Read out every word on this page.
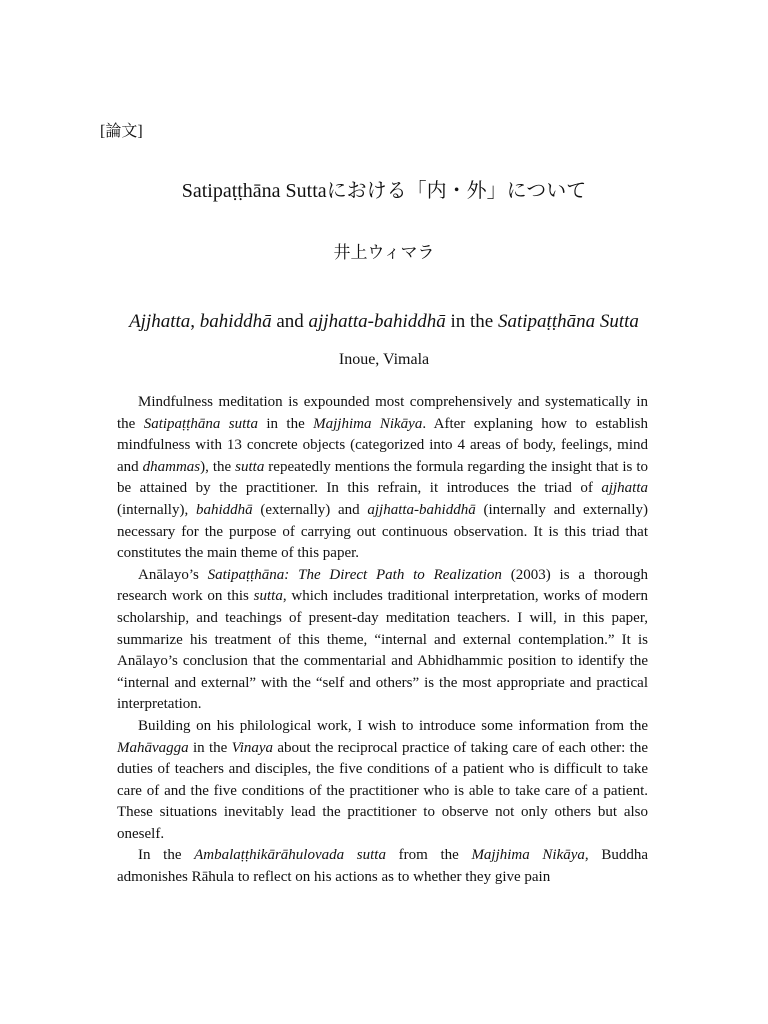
[論文]
Satipaṭṭhāna Suttaにおける「内・外」について
井上ウィマラ
Ajjhatta, bahiddhā and ajjhatta-bahiddhā in the Satipaṭṭhāna Sutta
Inoue, Vimala

Mindfulness meditation is expounded most comprehensively and systematically in the Satipaṭṭhāna sutta in the Majjhima Nikāya. After explaning how to establish mindfulness with 13 concrete objects (categorized into 4 areas of body, feelings, mind and dhammas), the sutta repeatedly mentions the formula regarding the insight that is to be attained by the practitioner. In this refrain, it introduces the triad of ajjhatta (internally), bahiddhā (externally) and ajjhatta-bahiddhā (internally and externally) necessary for the purpose of carrying out continuous observation. It is this triad that constitutes the main theme of this paper.

Anālayo’s Satipaṭṭhāna: The Direct Path to Realization (2003) is a thorough research work on this sutta, which includes traditional interpretation, works of modern scholarship, and teachings of present-day meditation teachers. I will, in this paper, summarize his treatment of this theme, “internal and external contemplation.” It is Anālayo’s conclusion that the commentarial and Abhidhammic position to identify the “internal and external” with the “self and others” is the most appropriate and practical interpretation.

Building on his philological work, I wish to introduce some information from the Mahāvagga in the Vinaya about the reciprocal practice of taking care of each other: the duties of teachers and disciples, the five conditions of a patient who is difficult to take care of and the five conditions of the practitioner who is able to take care of a patient. These situations inevitably lead the practitioner to observe not only others but also oneself.

In the Ambalaṭṭhikārāhulovada sutta from the Majjhima Nikāya, Buddha admonishes Rāhula to reflect on his actions as to whether they give pain
